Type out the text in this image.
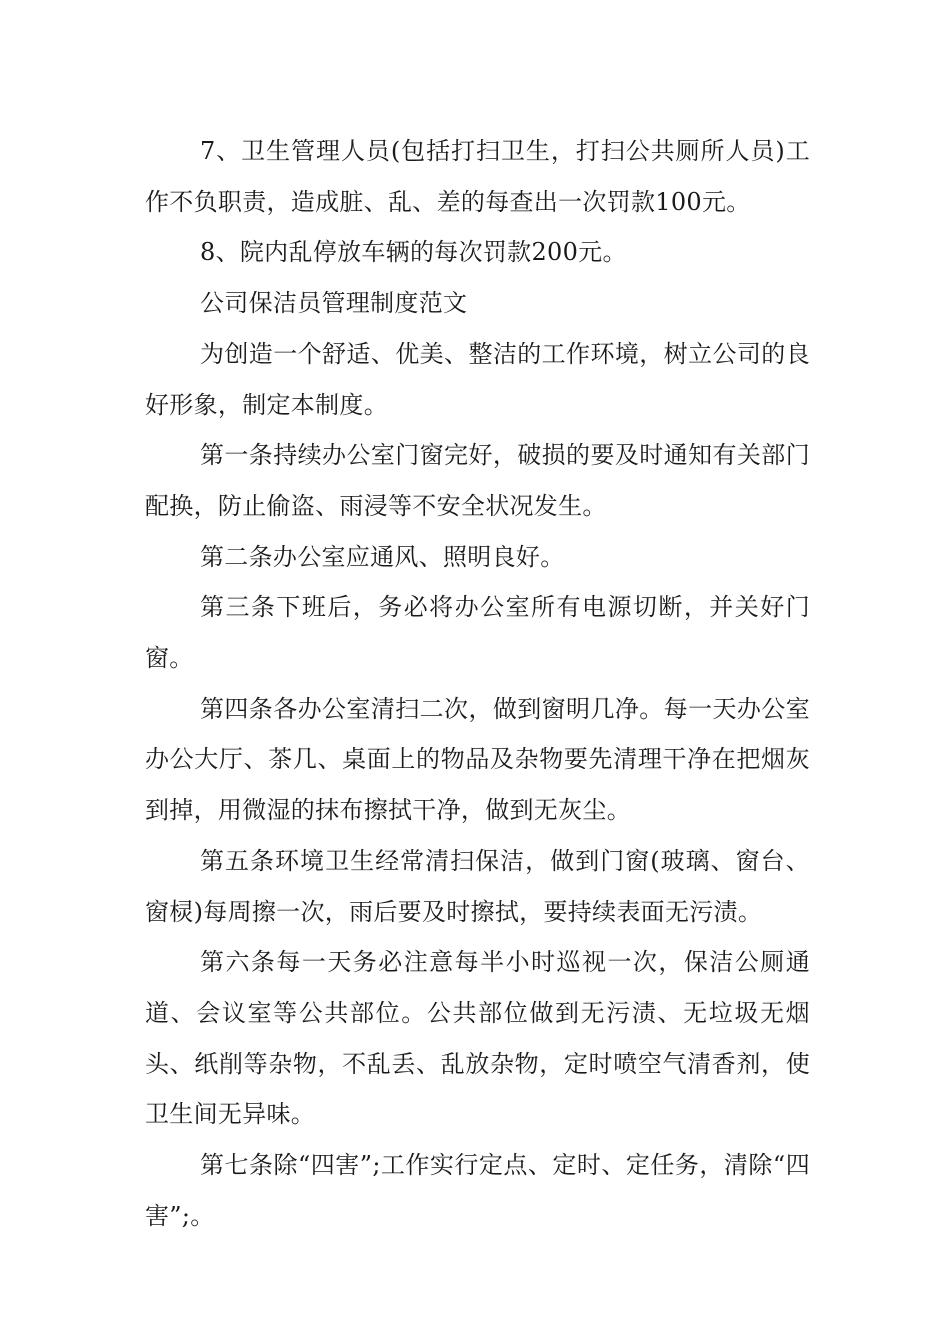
7、卫生管理人员(包括打扫卫生，打扫公共厕所人员)工作不负职责，造成脏、乱、差的每查出一次罚款100元。

8、院内乱停放车辆的每次罚款200元。

公司保洁员管理制度范文

为创造一个舒适、优美、整洁的工作环境，树立公司的良好形象，制定本制度。

第一条持续办公室门窗完好，破损的要及时通知有关部门配换，防止偷盗、雨浸等不安全状况发生。

第二条办公室应通风、照明良好。

第三条下班后，务必将办公室所有电源切断，并关好门窗。

第四条各办公室清扫二次，做到窗明几净。每一天办公室办公大厅、茶几、桌面上的物品及杂物要先清理干净在把烟灰到掉，用微湿的抹布擦拭干净，做到无灰尘。

第五条环境卫生经常清扫保洁，做到门窗(玻璃、窗台、窗棂)每周擦一次，雨后要及时擦拭，要持续表面无污渍。

第六条每一天务必注意每半小时巡视一次，保洁公厕通道、会议室等公共部位。公共部位做到无污渍、无垃圾无烟头、纸削等杂物，不乱丢、乱放杂物，定时喷空气清香剂，使卫生间无异味。

第七条除“四害”;工作实行定点、定时、定任务，清除“四害”;。
